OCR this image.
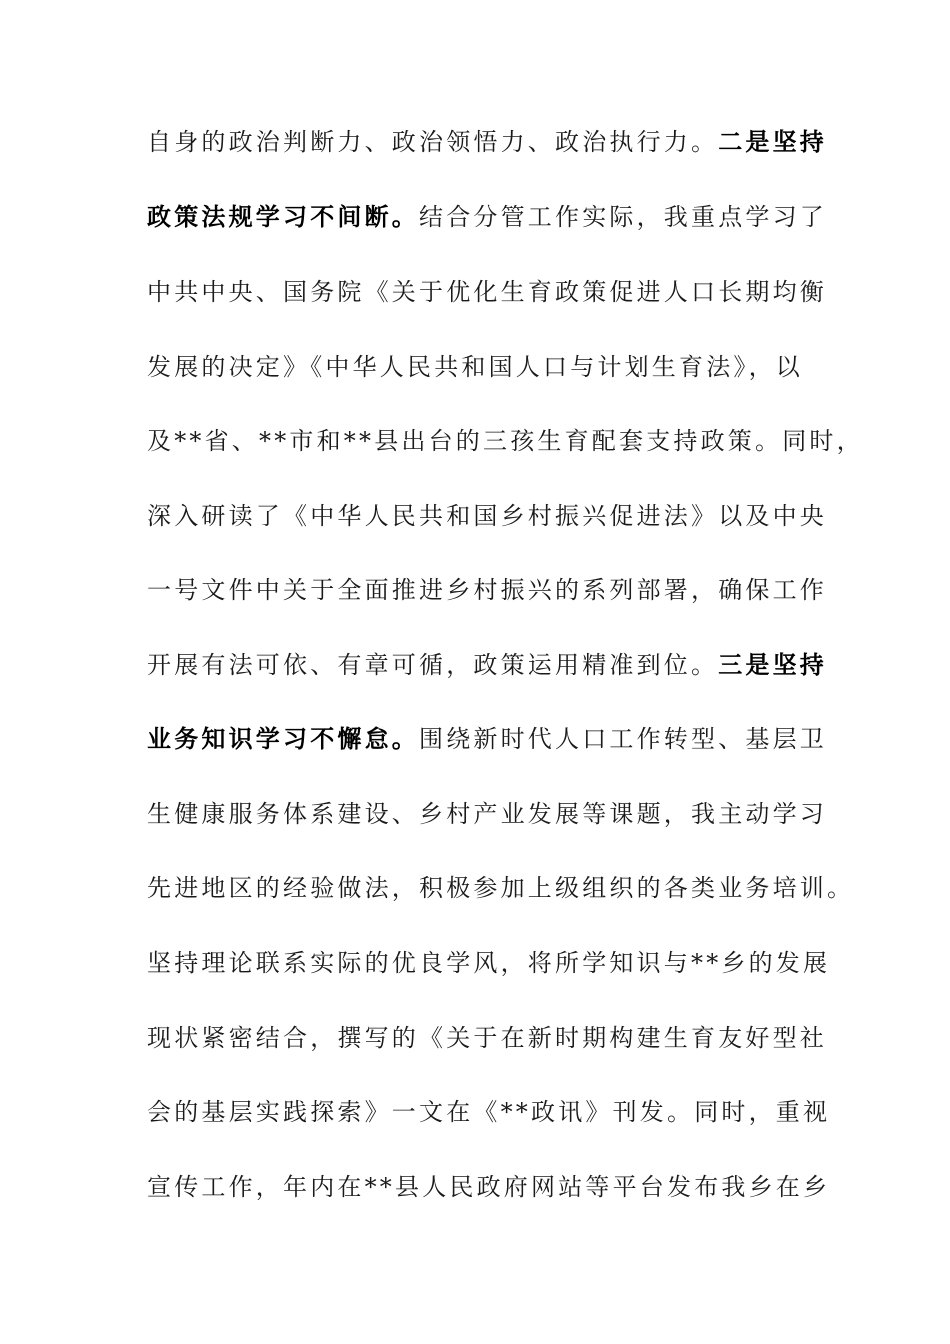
自身的政治判断力、政治领悟力、政治执行力。二是坚持
政策法规学习不间断。结合分管工作实际，我重点学习了
中共中央、国务院《关于优化生育政策促进人口长期均衡
发展的决定》《中华人民共和国人口与计划生育法》，以
及**省、**市和**县出台的三孩生育配套支持政策。同时，
深入研读了《中华人民共和国乡村振兴促进法》以及中央
一号文件中关于全面推进乡村振兴的系列部署，确保工作
开展有法可依、有章可循，政策运用精准到位。三是坚持
业务知识学习不懈怠。围绕新时代人口工作转型、基层卫
生健康服务体系建设、乡村产业发展等课题，我主动学习
先进地区的经验做法，积极参加上级组织的各类业务培训。
坚持理论联系实际的优良学风，将所学知识与**乡的发展
现状紧密结合，撰写的《关于在新时期构建生育友好型社
会的基层实践探索》一文在《**政讯》刊发。同时，重视
宣传工作，年内在**县人民政府网站等平台发布我乡在乡
